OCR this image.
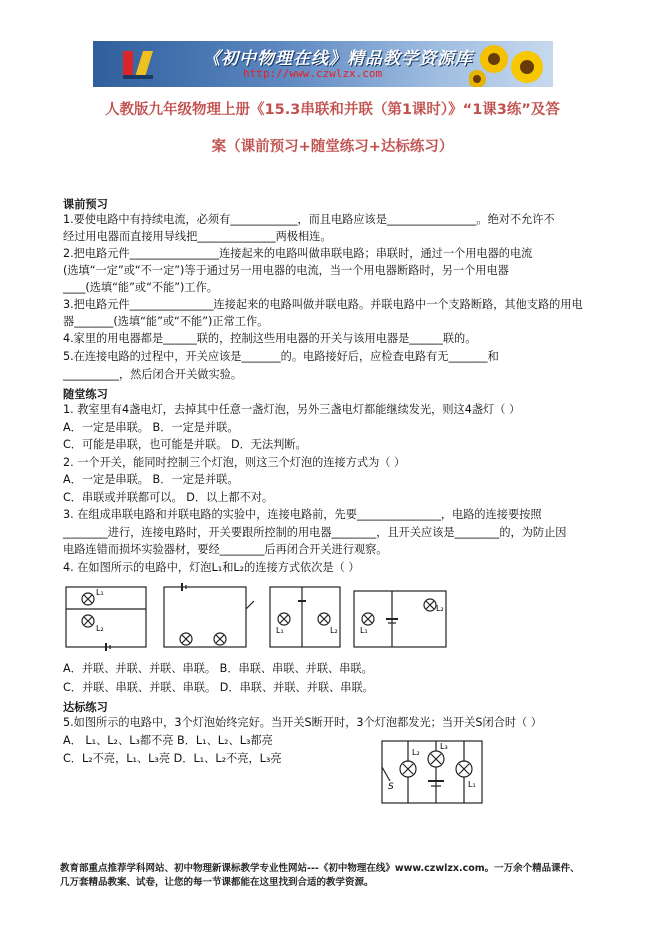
《初中物理在线》精品教学资源库
http://www.czwlzx.com
人教版九年级物理上册《15.3串联和并联（第1课时）》“1课3练”及答
案（课前预习+随堂练习+达标练习）
课前预习
1.要使电路中有持续电流，必须有____________，而且电路应该是________________。绝对不允许不
经过用电器而直接用导线把______________两极相连。
2.把电路元件________________连接起来的电路叫做串联电路；串联时，通过一个用电器的电流
(选填“一定”或“不一定”)等于通过另一用电器的电流，当一个用电器断路时，另一个用电器
____(选填“能”或“不能”)工作。
3.把电路元件_______________连接起来的电路叫做并联电路。并联电路中一个支路断路，其他支路的用电
器_______(选填“能”或“不能”)正常工作。
4.家里的用电器都是______联的，控制这些用电器的开关与该用电器是______联的。
5.在连接电路的过程中，开关应该是_______的。电路接好后，应检查电路有无_______和
__________，然后闭合开关做实验。
随堂练习
1. 教室里有4盏电灯，去掉其中任意一盏灯泡，另外三盏电灯都能继续发光，则这4盏灯（ ）
A．一定是串联。 B．一定是并联。
C．可能是串联，也可能是并联。 D．无法判断。
2. 一个开关，能同时控制三个灯泡，则这三个灯泡的连接方式为（ ）
A．一定是串联。 B．一定是并联。
C．串联或并联都可以。 D．以上都不对。
3. 在组成串联电路和并联电路的实验中，连接电路前，先要_______________，电路的连接要按照
________进行，连接电路时，开关要跟所控制的用电器________，且开关应该是________的，为防止因
电路连错而损坏实验器材，要经________后再闭合开关进行观察。
4. 在如图所示的电路中，灯泡L₁和L₂的连接方式依次是（ ）
L₁
L₂	L₁	L₂	L₁
L₂
A．并联、并联、并联、串联。 B．串联、串联、并联、串联。
C．并联、串联、并联、串联。 D．串联、并联、并联、串联。
达标练习
5.如图所示的电路中，3个灯泡始终完好。当开关S断开时，3个灯泡都发光；当开关S闭合时（ ）
A． L₁、L₂、L₃都不亮 B．L₁、L₂、L₃都亮
C．L₂不亮，L₁、L₃亮 D．L₁、L₂不亮，L₃亮
S
L₂
L₃
L₁
教育部重点推荐学科网站、初中物理新课标教学专业性网站---《初中物理在线》www.czwlzx.com。一万余个精品课件、
几万套精品教案、试卷，让您的每一节课都能在这里找到合适的教学资源。
